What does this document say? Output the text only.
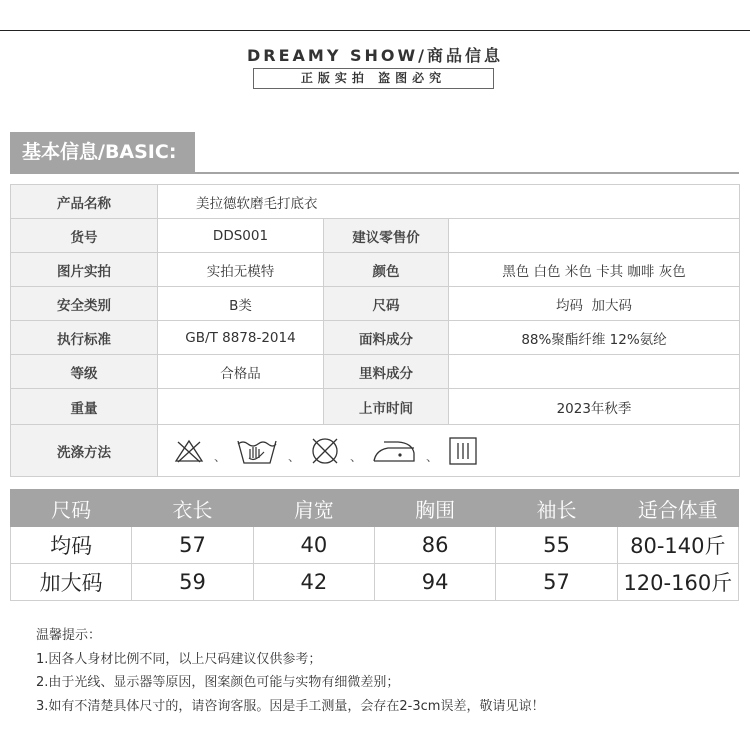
DREAMY SHOW/商品信息
正版实拍 盗图必究
基本信息/BASIC:
产品名称	美拉德软磨毛打底衣		
货号	DDS001	建议零售价	
图片实拍	实拍无模特	颜色	黑色 白色 米色 卡其 咖啡 灰色
安全类别	B类	尺码	均码  加大码
执行标准	GB/T 8878-2014	面料成分	88%聚酯纤维 12%氨纶
等级	合格品	里料成分	
重量		上市时间	2023年秋季
洗涤方法	、 、 、 、		
尺码	衣长	肩宽	胸围	袖长	适合体重
均码	57	40	86	55	80-140斤
加大码	59	42	94	57	120-160斤
温馨提示：
1.因各人身材比例不同，以上尺码建议仅供参考；
2.由于光线、显示器等原因，图案颜色可能与实物有细微差别；
3.如有不清楚具体尺寸的，请咨询客服。因是手工测量，会存在2-3cm误差，敬请见谅！
